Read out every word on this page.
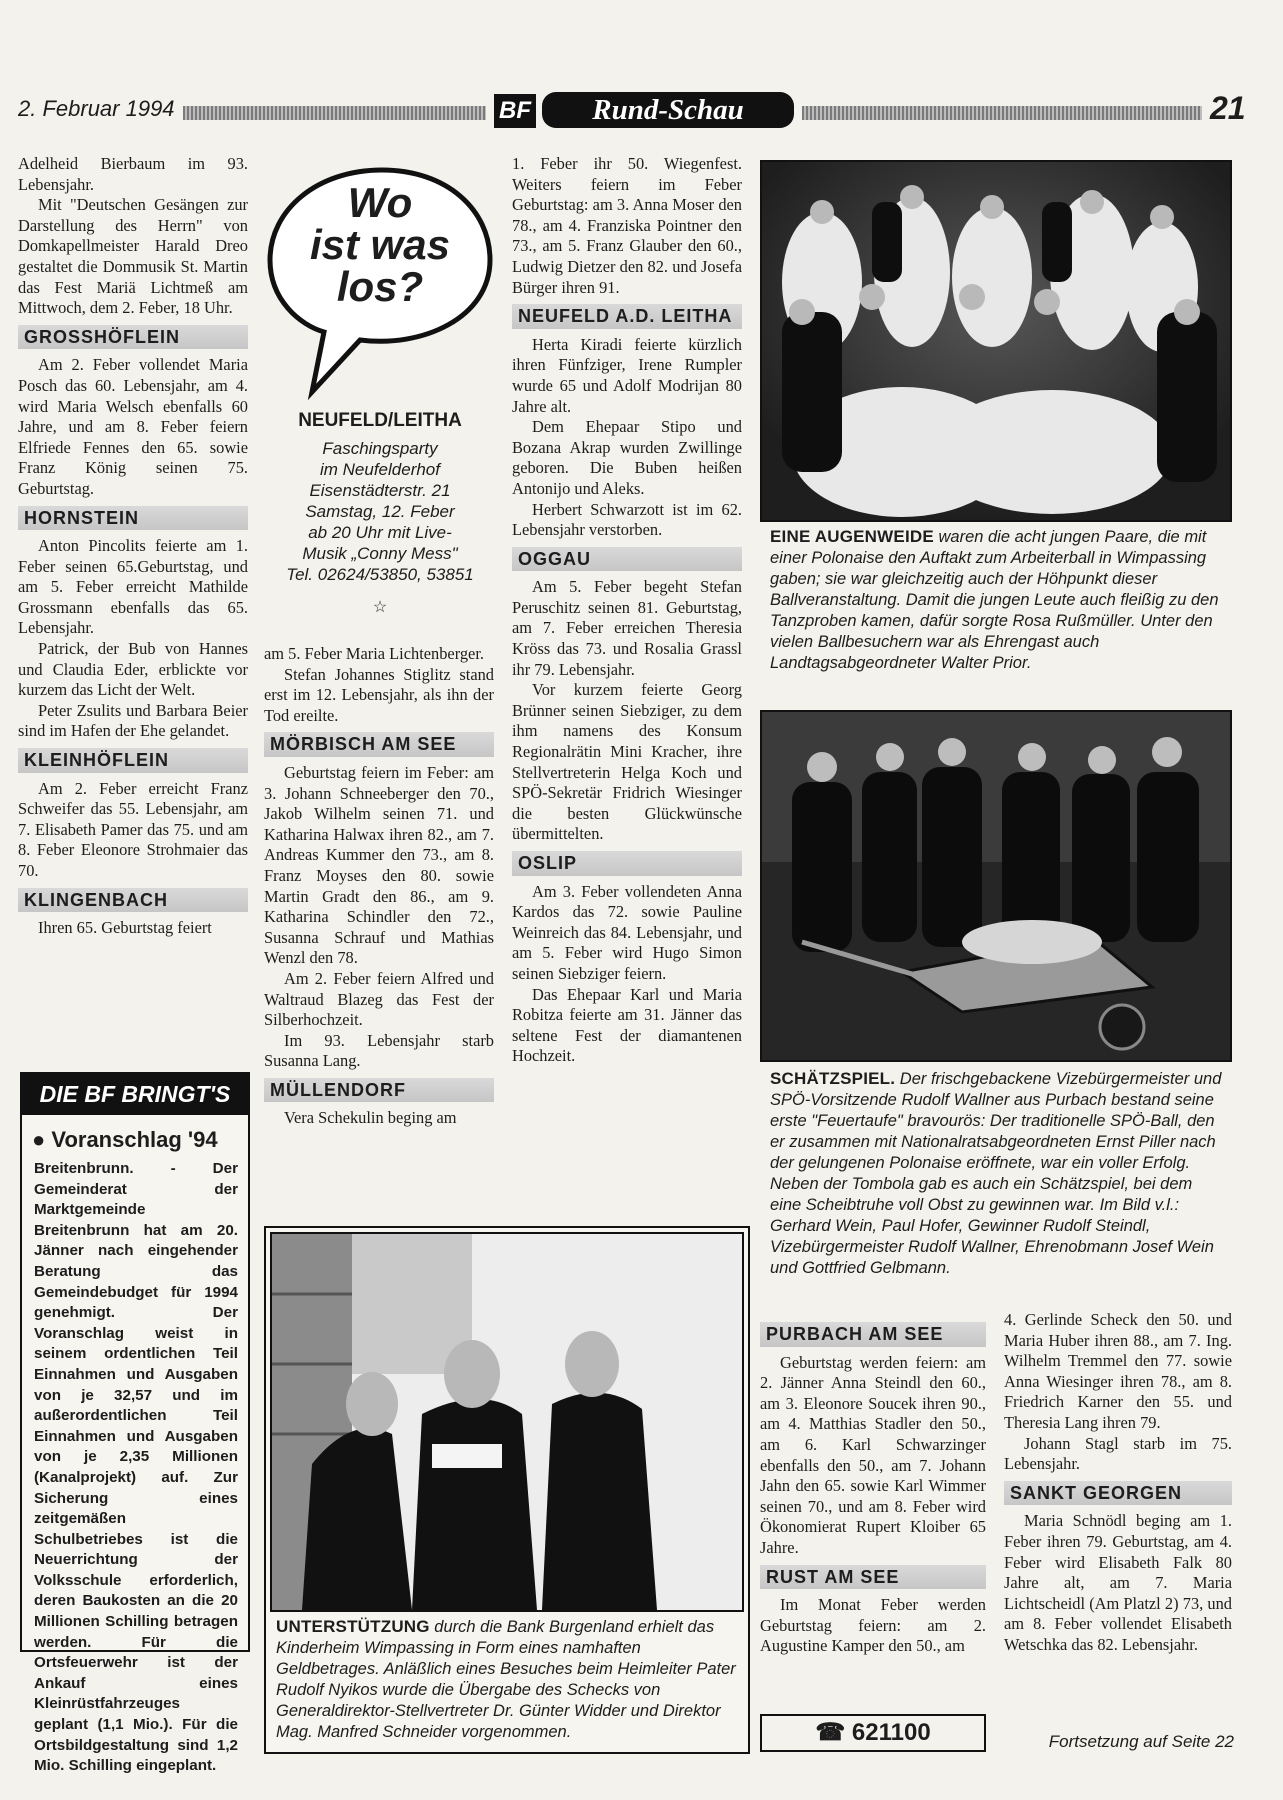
2. Februar 1994	BF	Rund-Schau	21

Adelheid Bierbaum im 93. Lebensjahr.

Mit "Deutschen Gesängen zur Darstellung des Herrn" von Domkapellmeister Harald Dreo gestaltet die Dommusik St. Martin das Fest Mariä Lichtmeß am Mittwoch, dem 2. Feber, 18 Uhr.

GROSSHÖFLEIN

Am 2. Feber vollendet Maria Posch das 60. Lebensjahr, am 4. wird Maria Welsch ebenfalls 60 Jahre, und am 8. Feber feiern Elfriede Fennes den 65. sowie Franz König seinen 75. Geburtstag.

HORNSTEIN

Anton Pincolits feierte am 1. Feber seinen 65.Geburtstag, und am 5. Feber erreicht Mathilde Grossmann ebenfalls das 65. Lebensjahr.

Patrick, der Bub von Hannes und Claudia Eder, erblickte vor kurzem das Licht der Welt.

Peter Zsulits und Barbara Beier sind im Hafen der Ehe gelandet.

KLEINHÖFLEIN

Am 2. Feber erreicht Franz Schweifer das 55. Lebensjahr, am 7. Elisabeth Pamer das 75. und am 8. Feber Eleonore Strohmaier das 70.

KLINGENBACH

Ihren 65. Geburtstag feiert

DIE BF BRINGT'S
● Voranschlag '94
Breitenbrunn. - Der Gemeinderat der Marktgemeinde Breitenbrunn hat am 20. Jänner nach eingehender Beratung das Gemeindebudget für 1994 genehmigt. Der Voranschlag weist in seinem ordentlichen Teil Einnahmen und Ausgaben von je 32,57 und im außerordentlichen Teil Einnahmen und Ausgaben von je 2,35 Millionen (Kanalprojekt) auf. Zur Sicherung eines zeitgemäßen Schulbetriebes ist die Neuerrichtung der Volksschule erforderlich, deren Baukosten an die 20 Millionen Schilling betragen werden. Für die Ortsfeuerwehr ist der Ankauf eines Kleinrüstfahrzeuges geplant (1,1 Mio.). Für die Ortsbildgestaltung sind 1,2 Mio. Schilling eingeplant.
Wo
ist was
los?
NEUFELD/LEITHA
Faschingsparty
im Neufelderhof
Eisenstädterstr. 21
Samstag, 12. Feber
ab 20 Uhr mit Live-
Musik „Conny Mess"
Tel. 02624/53850, 53851
☆

am 5. Feber Maria Lichtenberger.

Stefan Johannes Stiglitz stand erst im 12. Lebensjahr, als ihn der Tod ereilte.

MÖRBISCH AM SEE

Geburtstag feiern im Feber: am 3. Johann Schneeberger den 70., Jakob Wilhelm seinen 71. und Katharina Halwax ihren 82., am 7. Andreas Kummer den 73., am 8. Franz Moyses den 80. sowie Martin Gradt den 86., am 9. Katharina Schindler den 72., Susanna Schrauf und Mathias Wenzl den 78.

Am 2. Feber feiern Alfred und Waltraud Blazeg das Fest der Silberhochzeit.

Im 93. Lebensjahr starb Susanna Lang.

MÜLLENDORF

Vera Schekulin beging am

1. Feber ihr 50. Wiegenfest. Weiters feiern im Feber Geburtstag: am 3. Anna Moser den 78., am 4. Franziska Pointner den 73., am 5. Franz Glauber den 60., Ludwig Dietzer den 82. und Josefa Bürger ihren 91.

NEUFELD A.D. LEITHA

Herta Kiradi feierte kürzlich ihren Fünfziger, Irene Rumpler wurde 65 und Adolf Modrijan 80 Jahre alt.

Dem Ehepaar Stipo und Bozana Akrap wurden Zwillinge geboren. Die Buben heißen Antonijo und Aleks.

Herbert Schwarzott ist im 62. Lebensjahr verstorben.

OGGAU

Am 5. Feber begeht Stefan Peruschitz seinen 81. Geburtstag, am 7. Feber erreichen Theresia Kröss das 73. und Rosalia Grassl ihr 79. Lebensjahr.

Vor kurzem feierte Georg Brünner seinen Siebziger, zu dem ihm namens des Konsum Regionalrätin Mini Kracher, ihre Stellvertreterin Helga Koch und SPÖ-Sekretär Fridrich Wiesinger die besten Glückwünsche übermittelten.

OSLIP

Am 3. Feber vollendeten Anna Kardos das 72. sowie Pauline Weinreich das 84. Lebensjahr, und am 5. Feber wird Hugo Simon seinen Siebziger feiern.

Das Ehepaar Karl und Maria Robitza feierte am 31. Jänner das seltene Fest der diamantenen Hochzeit.

EINE AUGENWEIDE waren die acht jungen Paare, die mit einer Polonaise den Auftakt zum Arbeiterball in Wimpassing gaben; sie war gleichzeitig auch der Höhpunkt dieser Ballveranstaltung. Damit die jungen Leute auch fleißig zu den Tanzproben kamen, dafür sorgte Rosa Rußmüller. Unter den vielen Ballbesuchern war als Ehrengast auch Landtagsabgeordneter Walter Prior.
SCHÄTZSPIEL. Der frischgebackene Vizebürgermeister und SPÖ-Vorsitzende Rudolf Wallner aus Purbach bestand seine erste "Feuertaufe" bravourös: Der traditionelle SPÖ-Ball, den er zusammen mit Nationalratsabgeordneten Ernst Piller nach der gelungenen Polonaise eröffnete, war ein voller Erfolg. Neben der Tombola gab es auch ein Schätzspiel, bei dem eine Scheibtruhe voll Obst zu gewinnen war. Im Bild v.l.: Gerhard Wein, Paul Hofer, Gewinner Rudolf Steindl, Vizebürgermeister Rudolf Wallner, Ehrenobmann Josef Wein und Gottfried Gelbmann.
UNTERSTÜTZUNG durch die Bank Burgenland erhielt das Kinderheim Wimpassing in Form eines namhaften Geldbetrages. Anläßlich eines Besuches beim Heimleiter Pater Rudolf Nyikos wurde die Übergabe des Schecks von Generaldirektor-Stellvertreter Dr. Günter Widder und Direktor Mag. Manfred Schneider vorgenommen.
PURBACH AM SEE

Geburtstag werden feiern: am 2. Jänner Anna Steindl den 60., am 3. Eleonore Soucek ihren 90., am 4. Matthias Stadler den 50., am 6. Karl Schwarzinger ebenfalls den 50., am 7. Johann Jahn den 65. sowie Karl Wimmer seinen 70., und am 8. Feber wird Ökonomierat Rupert Kloiber 65 Jahre.

RUST AM SEE

Im Monat Feber werden Geburtstag feiern: am 2. Augustine Kamper den 50., am

☎ 621100

4. Gerlinde Scheck den 50. und Maria Huber ihren 88., am 7. Ing. Wilhelm Tremmel den 77. sowie Anna Wiesinger ihren 78., am 8. Friedrich Karner den 55. und Theresia Lang ihren 79.

Johann Stagl starb im 75. Lebensjahr.

SANKT GEORGEN

Maria Schnödl beging am 1. Feber ihren 79. Geburtstag, am 4. Feber wird Elisabeth Falk 80 Jahre alt, am 7. Maria Lichtscheidl (Am Platzl 2) 73, und am 8. Feber vollendet Elisabeth Wetschka das 82. Lebensjahr.

Fortsetzung auf Seite 22
